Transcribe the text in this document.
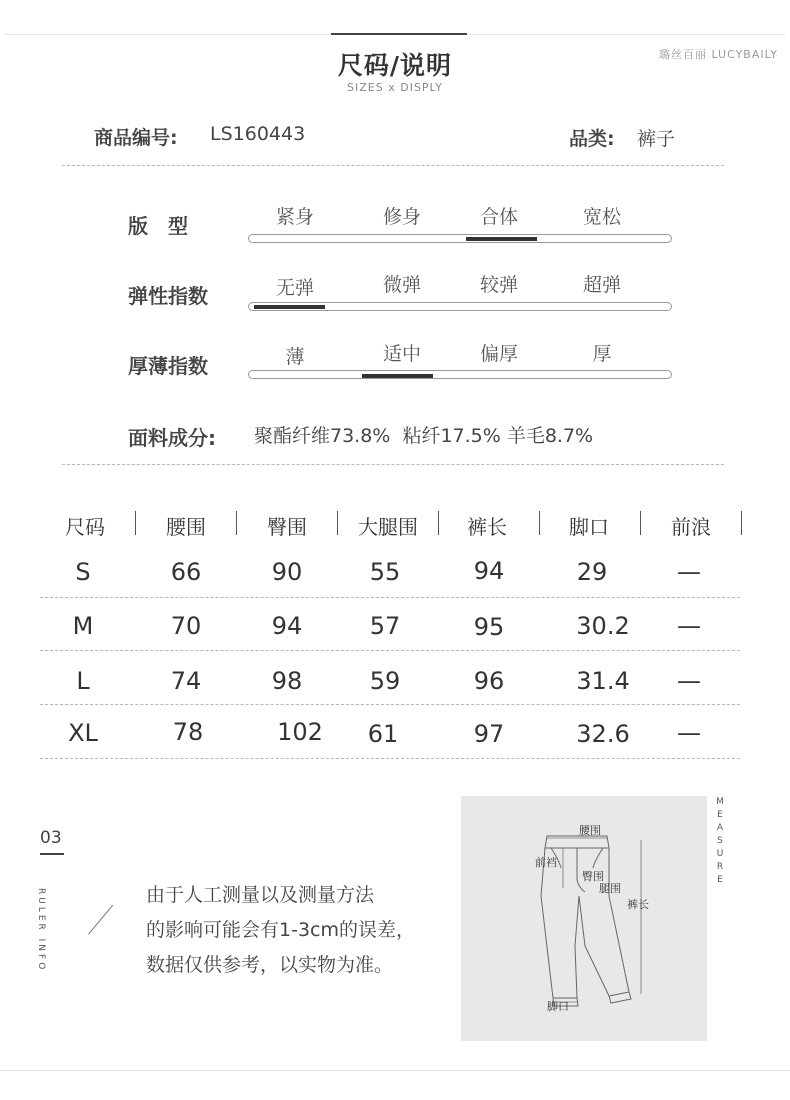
尺码/说明
SIZES x DISPLY
璐丝百丽 LUCYBAILY
商品编号: LS160443	品类: 裤子
版　型	紧身	修身	合体	宽松
弹性指数	无弹	微弹	较弹	超弹
厚薄指数	薄	适中	偏厚	厚
面料成分: 聚酯纤维73.8%  粘纤17.5% 羊毛8.7%
尺码	腰围	臀围	大腿围	裤长	脚口	前浪
S	66	90	55	94	29	—
M	70	94	57	95	30.2	—
L	74	98	59	96	31.4	—
XL	78	102	61	97	32.6	—
03
RULER INFO	由于人工测量以及测量方法
的影响可能会有1-3cm的误差，
数据仅供参考，以实物为准。
腰围
前裆
臀围
腿围
裤长
脚口
MEASURE
